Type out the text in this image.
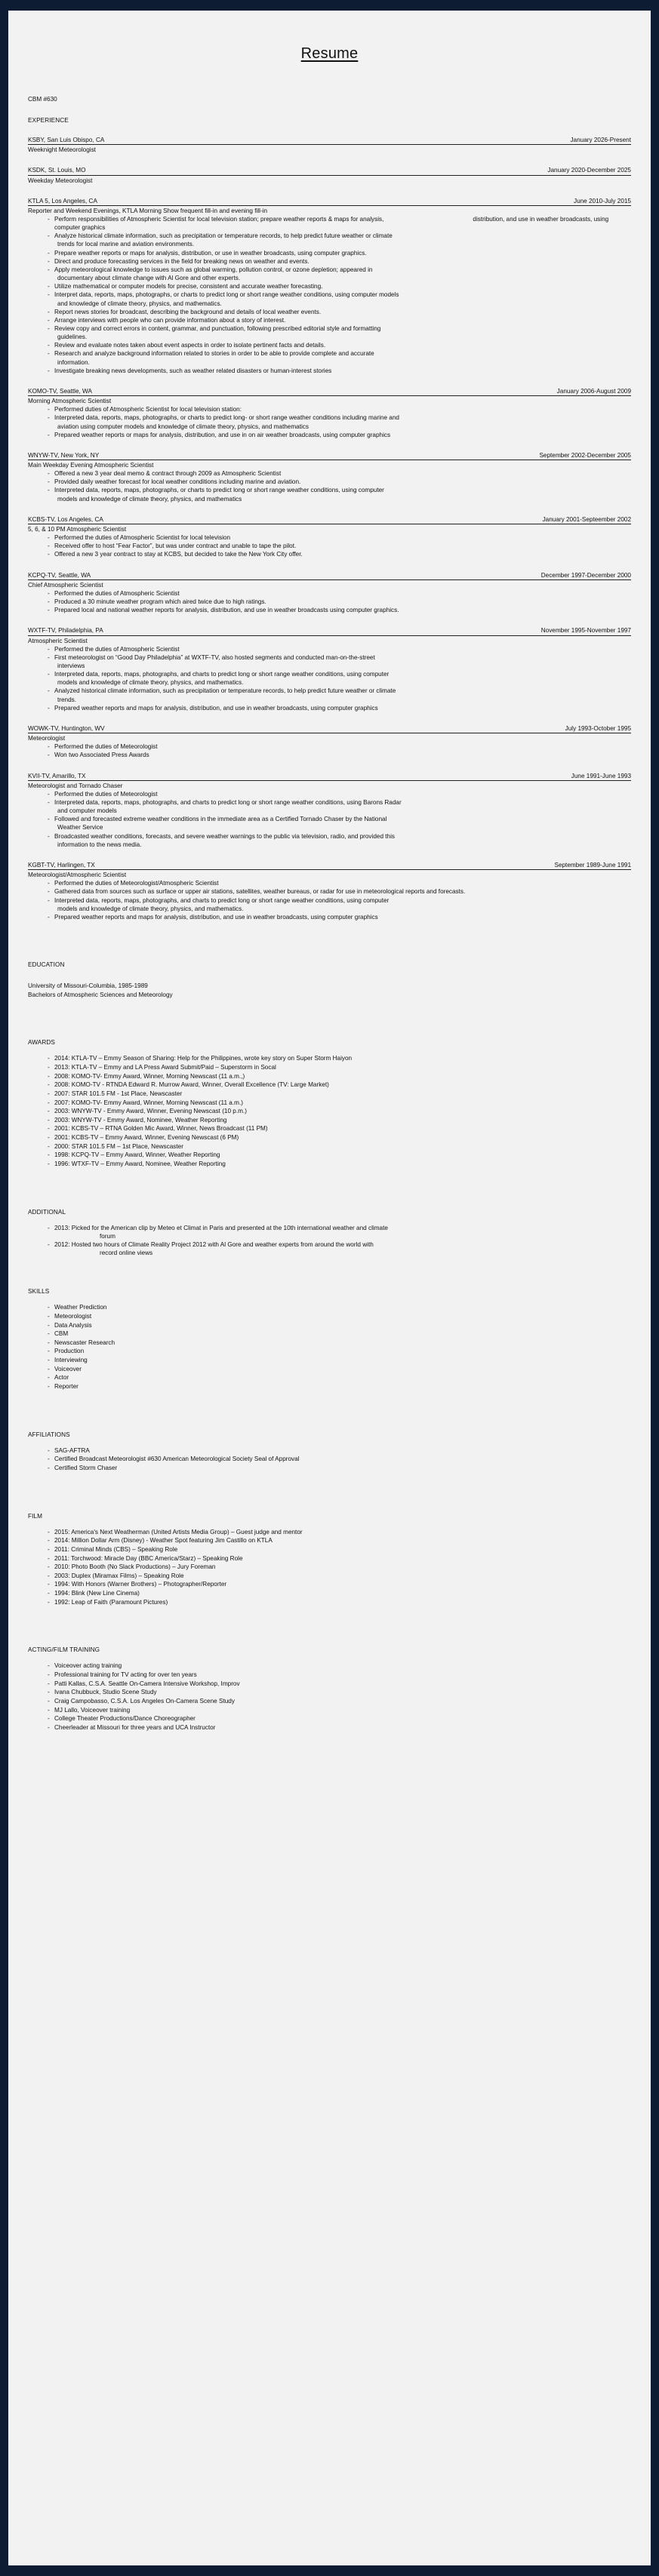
Resume
CBM #630
EXPERIENCE
KSBY, San Luis Obispo, CA	January 2026-Present
Weeknight Meteorologist
KSDK, St. Louis, MO	January 2020-December 2025
Weekday Meteorologist
KTLA 5, Los Angeles, CA	June 2010-July 2015
Reporter and Weekend Evenings, KTLA Morning Show frequent fill-in and evening fill-in
- Perform responsibilities of Atmospheric Scientist for local television station; prepare weather reports & maps for analysis,	distribution, and use in weather broadcasts, using computer graphics
- Analyze historical climate information, such as precipitation or temperature records, to help predict future weather or climate
trends for local marine and aviation environments.
- Prepare weather reports or maps for analysis, distribution, or use in weather broadcasts, using computer graphics.
- Direct and produce forecasting services in the field for breaking news on weather and events.
- Apply meteorological knowledge to issues such as global warming, pollution control, or ozone depletion; appeared in
documentary about climate change with Al Gore and other experts.
- Utilize mathematical or computer models for precise, consistent and accurate weather forecasting.
- Interpret data, reports, maps, photographs, or charts to predict long or short range weather conditions, using computer models
and knowledge of climate theory, physics, and mathematics.
- Report news stories for broadcast, describing the background and details of local weather events.
- Arrange interviews with people who can provide information about a story of interest.
- Review copy and correct errors in content, grammar, and punctuation, following prescribed editorial style and formatting
guidelines.
- Review and evaluate notes taken about event aspects in order to isolate pertinent facts and details.
- Research and analyze background information related to stories in order to be able to provide complete and accurate
information.
- Investigate breaking news developments, such as weather related disasters or human-interest stories
KOMO-TV, Seattle, WA	January 2006-August 2009
Morning Atmospheric Scientist
- Performed duties of Atmospheric Scientist for local television station:
- Interpreted data, reports, maps, photographs, or charts to predict long- or short range weather conditions including marine and
aviation using computer models and knowledge of climate theory, physics, and mathematics
- Prepared weather reports or maps for analysis, distribution, and use in on air weather broadcasts, using computer graphics
WNYW-TV, New York, NY	September 2002-December 2005
Main Weekday Evening Atmospheric Scientist
- Offered a new 3 year deal memo & contract through 2009 as Atmospheric Scientist
- Provided daily weather forecast for local weather conditions including marine and aviation.
- Interpreted data, reports, maps, photographs, or charts to predict long or short range weather conditions, using computer
models and knowledge of climate theory, physics, and mathematics
KCBS-TV, Los Angeles, CA	January 2001-Septeember 2002
5, 6, & 10 PM Atmospheric Scientist
- Performed the duties of Atmospheric Scientist for local television
- Received offer to host “Fear Factor”, but was under contract and unable to tape the pilot.
- Offered a new 3 year contract to stay at KCBS, but decided to take the New York City offer.
KCPQ-TV, Seattle, WA	December 1997-December 2000
Chief Atmospheric Scientist
- Performed the duties of Atmospheric Scientist
- Produced a 30 minute weather program which aired twice due to high ratings.
- Prepared local and national weather reports for analysis, distribution, and use in weather broadcasts using computer graphics.
WXTF-TV, Philadelphia, PA	November 1995-November 1997
Atmospheric Scientist
- Performed the duties of Atmospheric Scientist
- First meteorologist on “Good Day Philadelphia” at WXTF-TV, also hosted segments and conducted man-on-the-street
interviews
- Interpreted data, reports, maps, photographs, and charts to predict long or short range weather conditions, using computer
models and knowledge of climate theory, physics, and mathematics.
- Analyzed historical climate information, such as precipitation or temperature records, to help predict future weather or climate
trends.
- Prepared weather reports and maps for analysis, distribution, and use in weather broadcasts, using computer graphics
WOWK-TV, Huntington, WV	July 1993-October 1995
Meteorologist
- Performed the duties of Meteorologist
- Won two Associated Press Awards
KVII-TV, Amarillo, TX	June 1991-June 1993
Meteorologist and Tornado Chaser
- Performed the duties of Meteorologist
- Interpreted data, reports, maps, photographs, and charts to predict long or short range weather conditions, using Barons Radar
and computer models
- Followed and forecasted extreme weather conditions in the immediate area as a Certified Tornado Chaser by the National
Weather Service
- Broadcasted weather conditions, forecasts, and severe weather warnings to the public via television, radio, and provided this
information to the news media.
KGBT-TV, Harlingen, TX	September 1989-June 1991
Meteorologist/Atmospheric Scientist
- Performed the duties of Meteorologist/Atmospheric Scientist
- Gathered data from sources such as surface or upper air stations, satellites, weather bureaus, or radar for use in meteorological reports and forecasts.
- Interpreted data, reports, maps, photographs, and charts to predict long or short range weather conditions, using computer
models and knowledge of climate theory, physics, and mathematics.
- Prepared weather reports and maps for analysis, distribution, and use in weather broadcasts, using computer graphics
EDUCATION
University of Missouri-Columbia, 1985-1989
Bachelors of Atmospheric Sciences and Meteorology
AWARDS
- 2014: KTLA-TV – Emmy Season of Sharing: Help for the Philippines, wrote key story on Super Storm Haiyon
- 2013: KTLA-TV – Emmy and LA Press Award Submit/Paid – Superstorm in Socal
- 2008: KOMO-TV- Emmy Award, Winner, Morning Newscast (11 a.m.,)
- 2008: KOMO-TV - RTNDA Edward R. Murrow Award, Winner, Overall Excellence (TV: Large Market)
- 2007: STAR 101.5 FM - 1st Place, Newscaster
- 2007: KOMO-TV- Emmy Award, Winner, Morning Newscast (11 a.m.)
- 2003: WNYW-TV - Emmy Award, Winner, Evening Newscast (10 p.m.)
- 2003: WNYW-TV - Emmy Award, Nominee, Weather Reporting
- 2001: KCBS-TV – RTNA Golden Mic Award, Winner, News Broadcast (11 PM)
- 2001: KCBS-TV – Emmy Award, Winner, Evening Newscast (6 PM)
- 2000: STAR 101.5 FM – 1st Place, Newscaster
- 1998: KCPQ-TV – Emmy Award, Winner, Weather Reporting
- 1996: WTXF-TV – Emmy Award, Nominee, Weather Reporting
ADDITIONAL
- 2013: Picked for the American clip by Meteo et Climat in Paris and presented at the 10th international weather and climate
forum
- 2012: Hosted two hours of Climate Reality Project 2012 with Al Gore and weather experts from around the world with
record online views
SKILLS
- Weather Prediction
- Meteorologist
- Data Analysis
- CBM
- Newscaster Research
- Production
- Interviewing
- Voiceover
- Actor
- Reporter
AFFILIATIONS
- SAG-AFTRA
- Certified Broadcast Meteorologist #630 American Meteorological Society Seal of Approval
- Certified Storm Chaser
FILM
- 2015: America's Next Weatherman (United Artists Media Group) – Guest judge and mentor
- 2014: Million Dollar Arm (Disney) - Weather Spot featuring Jim Castillo on KTLA
- 2011: Criminal Minds (CBS) – Speaking Role
- 2011: Torchwood: Miracle Day (BBC America/Starz) – Speaking Role
- 2010: Photo Booth (No Slack Productions) – Jury Foreman
- 2003: Duplex (Miramax Films) – Speaking Role
- 1994: With Honors (Warner Brothers) – Photographer/Reporter
- 1994: Blink (New Line Cinema)
- 1992: Leap of Faith (Paramount Pictures)
ACTING/FILM TRAINING
- Voiceover acting training
- Professional training for TV acting for over ten years
- Patti Kallas, C.S.A. Seattle On-Camera Intensive Workshop, Improv
- Ivana Chubbuck, Studio Scene Study
- Craig Campobasso, C.S.A. Los Angeles On-Camera Scene Study
- MJ Lallo, Voiceover training
- College Theater Productions/Dance Choreographer
- Cheerleader at Missouri for three years and UCA Instructor
